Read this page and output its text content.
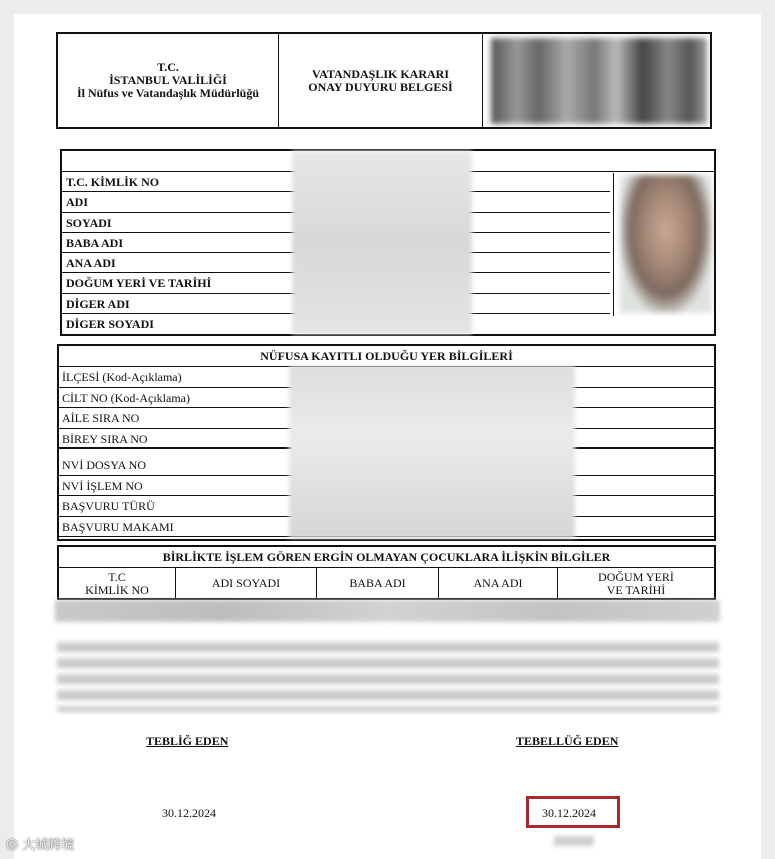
T.C.
İSTANBUL VALİLİĞİ
İl Nüfus ve Vatandaşlık Müdürlüğü
VATANDAŞLIK KARARI
ONAY DUYURU BELGESİ
T.C. KİMLİK NO
ADI
SOYADI
BABA ADI
ANA ADI
DOĞUM YERİ VE TARİHİ
DİGER ADI
DİGER SOYADI
NÜFUSA KAYITLI OLDUĞU YER BİLGİLERİ
İLÇESİ (Kod-Açıklama)
CİLT NO (Kod-Açıklama)
AİLE SIRA NO
BİREY SIRA NO
NVİ DOSYA NO
NVİ İŞLEM NO
BAŞVURU TÜRÜ
BAŞVURU MAKAMI
BİRLİKTE İŞLEM GÖREN ERGİN OLMAYAN ÇOCUKLARA İLİŞKİN BİLGİLER
T.C
KİMLİK NO	ADI SOYADI	BABA ADI	ANA ADI	DOĞUM YERİ
VE TARİHİ
TEBLİĞ EDEN	TEBELLÜĞ EDEN
30.12.2024	30.12.2024
◎ 大城跨境
